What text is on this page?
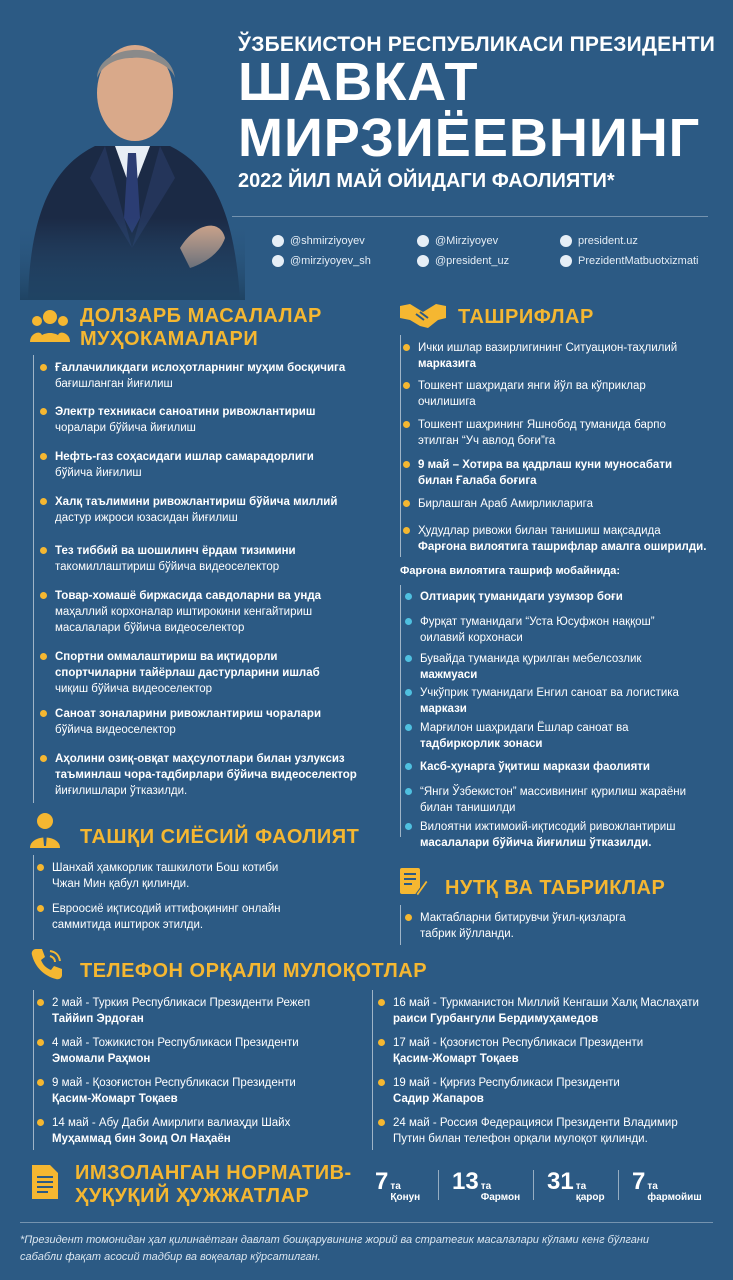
ЎЗБЕКИСТОН РЕСПУБЛИКАСИ ПРЕЗИДЕНТИ
ШАВКАТ
МИРЗИЁЕВНИНГ
2022 ЙИЛ МАЙ ОЙИДАГИ ФАОЛИЯТИ*
@shmirziyoyev	@Mirziyoyev	president.uz
@mirziyoyev_sh	@president_uz	PrezidentMatbuotxizmati
ДОЛЗАРБ МАСАЛАЛАР
МУҲОКАМАЛАРИ
Ғаллачиликдаги ислоҳотларнинг муҳим босқичига
бағишланган йиғилиш
Электр техникаси саноатини ривожлантириш
чоралари бўйича йиғилиш
Нефть-газ соҳасидаги ишлар самарадорлиги
бўйича йиғилиш
Халқ таълимини ривожлантириш бўйича миллий
дастур ижроси юзасидан йиғилиш
Тез тиббий ва шошилинч ёрдам тизимини
такомиллаштириш бўйича видеоселектор
Товар-хомашё биржасида савдоларни ва унда
маҳаллий корхоналар иштирокини кенгайтириш
масалалари бўйича видеоселектор
Спортни оммалаштириш ва иқтидорли
спортчиларни тайёрлаш дастурларини ишлаб
чиқиш бўйича видеоселектор
Саноат зоналарини ривожлантириш чоралари
бўйича видеоселектор
Аҳолини озиқ-овқат маҳсулотлари билан узлуксиз
таъминлаш чора-тадбирлари бўйича видеоселектор
йиғилишлари ўтказилди.
ТАШРИФЛАР
Ички ишлар вазирлигининг Ситуацион-таҳлилий
марказига
Тошкент шаҳридаги янги йўл ва кўприклар
очилишига
Тошкент шаҳрининг Яшнобод туманида барпо
этилган “Уч авлод боғи”га
9 май – Хотира ва қадрлаш куни муносабати
билан Ғалаба боғига
Бирлашган Араб Амирликларига
Ҳудудлар ривожи билан танишиш мақсадида
Фарғона вилоятига ташрифлар амалга оширилди.
Фарғона вилоятига ташриф мобайнида:
Олтиариқ туманидаги узумзор боғи
Фурқат туманидаги “Уста Юсуфжон наққош”
оилавий корхонаси
Бувайда туманида қурилган мебелсозлик
мажмуаси
Учкўприк туманидаги Енгил саноат ва логистика
маркази
Марғилон шаҳридаги Ёшлар саноат ва
тадбиркорлик зонаси
Касб-ҳунарга ўқитиш маркази фаолияти
“Янги Ўзбекистон” массивининг қурилиш жараёни
билан танишилди
Вилоятни ижтимоий-иқтисодий ривожлантириш
масалалари бўйича йиғилиш ўтказилди.
ТАШҚИ СИЁСИЙ ФАОЛИЯТ
Шанхай ҳамкорлик ташкилоти Бош котиби
Чжан Мин қабул қилинди.
Евроосиё иқтисодий иттифоқининг онлайн
саммитида иштирок этилди.
НУТҚ ВА ТАБРИКЛАР
Мактабларни битирувчи ўғил-қизларга
табрик йўлланди.
ТЕЛЕФОН ОРҚАЛИ МУЛОҚОТЛАР
2 май - Туркия Республикаси Президенти Режеп
Таййип Эрдоған
4 май - Тожикистон Республикаси Президенти
Эмомали Раҳмон
9 май - Қозоғистон Республикаси Президенти
Қасим-Жомарт Тоқаев
14 май - Абу Даби Амирлиги валиаҳди Шайх
Муҳаммад бин Зоид Ол Наҳаён
16 май - Туркманистон Миллий Кенгаши Халқ Маслаҳати
раиси Гурбангули Бердимуҳамедов
17 май - Қозоғистон Республикаси Президенти
Қасим-Жомарт Тоқаев
19 май - Қирғиз Республикаси Президенти
Садир Жапаров
24 май - Россия Федерацияси Президенти Владимир
Путин билан телефон орқали мулоқот қилинди.
ИМЗОЛАНГАН НОРМАТИВ-
ҲУҚУҚИЙ ҲУЖЖАТЛАР
7 та
Қонун
13 та
Фармон
31 та
қарор
7 та
фармойиш
*Президент томонидан ҳал қилинаётган давлат бошқарувининг жорий ва стратегик масалалари кўлами кенг бўлгани
сабабли фақат асосий тадбир ва воқеалар кўрсатилган.
